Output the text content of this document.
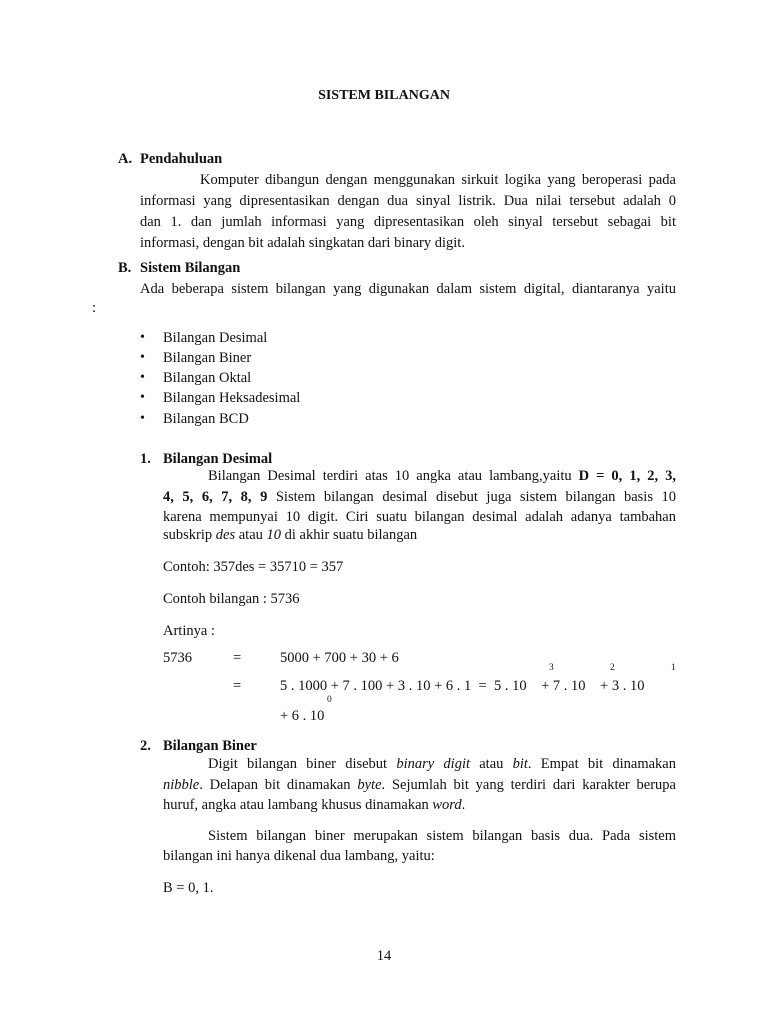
SISTEM BILANGAN
A. Pendahuluan
Komputer dibangun dengan menggunakan sirkuit logika yang beroperasi pada
informasi yang dipresentasikan dengan dua sinyal listrik. Dua nilai tersebut adalah 0
dan 1. dan jumlah informasi yang dipresentasikan oleh sinyal tersebut sebagai bit
informasi, dengan bit adalah singkatan dari binary digit.
B. Sistem Bilangan
Ada beberapa sistem bilangan yang digunakan dalam sistem digital, diantaranya yaitu
:
• Bilangan Desimal
• Bilangan Biner
• Bilangan Oktal
• Bilangan Heksadesimal
• Bilangan BCD
1. Bilangan Desimal
Bilangan Desimal terdiri atas 10 angka atau lambang,yaitu D = 0, 1, 2, 3,
4, 5, 6, 7, 8, 9 Sistem bilangan desimal disebut juga sistem bilangan basis 10
karena mempunyai 10 digit. Ciri suatu bilangan desimal adalah adanya tambahan
subskrip des atau 10 di akhir suatu bilangan
Contoh: 357des = 35710 = 357
Contoh bilangan : 5736
Artinya :
5736	=	5000 + 700 + 30 + 6
3	2	1
=	5 . 1000 + 7 . 100 + 3 . 10 + 6 . 1  =  5 . 10    + 7 . 10    + 3 . 10
0
+ 6 . 10
2. Bilangan Biner
Digit bilangan biner disebut binary digit atau bit. Empat bit dinamakan
nibble. Delapan bit dinamakan byte. Sejumlah bit yang terdiri dari karakter berupa
huruf, angka atau lambang khusus dinamakan word.
Sistem bilangan biner merupakan sistem bilangan basis dua. Pada sistem
bilangan ini hanya dikenal dua lambang, yaitu:
B = 0, 1.
14
